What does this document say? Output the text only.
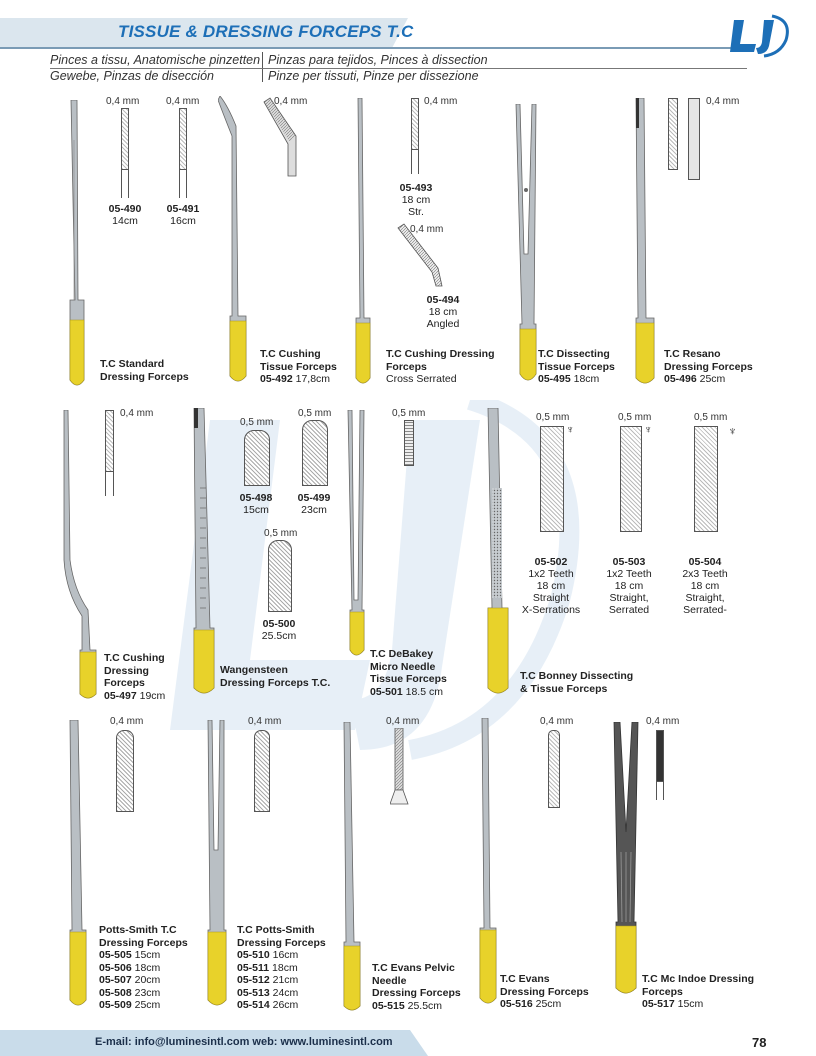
TISSUE & DRESSING FORCEPS T.C
Pinces a tissu, Anatomische pinzetten
Gewebe, Pinzas de disección
Pinzas para tejidos, Pinces à dissection
Pinze per tissuti, Pinze per dissezione
0,4 mm	0,4 mm
05-490
14cm
05-491
16cm
T.C Standard
Dressing Forceps
0,4 mm
T.C Cushing
Tissue Forceps
05-492 17,8cm
0,4 mm
05-493
18 cm
Str.
0,4 mm
05-494
18 cm
Angled
T.C Cushing Dressing
Forceps
Cross Serrated
T.C Dissecting
Tissue Forceps
05-495 18cm
0,4 mm
T.C Resano
Dressing Forceps
05-496 25cm
0,4 mm
T.C Cushing
Dressing
Forceps
05-497 19cm
0,5 mm
05-498
15cm
0,5 mm
05-499
23cm
0,5 mm
05-500
25.5cm
Wangensteen
Dressing Forceps T.C.
0,5 mm
T.C DeBakey
Micro Needle
Tissue Forceps
05-501 18.5 cm
0,5 mm
♆
05-502
1x2 Teeth
18 cm
Straight
X-Serrations
0,5 mm
♆
05-503
1x2 Teeth
18 cm
Straight,
Serrated
0,5 mm
♆
05-504
2x3 Teeth
18 cm
Straight,
Serrated-
T.C Bonney Dissecting
& Tissue Forceps
0,4 mm
Potts-Smith T.C
Dressing Forceps
05-505 15cm
05-506 18cm
05-507 20cm
05-508 23cm
05-509 25cm
0,4 mm
T.C Potts-Smith
Dressing Forceps
05-510 16cm
05-511 18cm
05-512 21cm
05-513 24cm
05-514 26cm
0,4 mm
T.C Evans Pelvic
Needle
Dressing Forceps
05-515 25.5cm
0,4 mm
T.C Evans
Dressing Forceps
05-516 25cm
0,4 mm
T.C Mc Indoe Dressing
Forceps
05-517 15cm
E-mail: info@luminesintl.com web: www.luminesintl.com	78
